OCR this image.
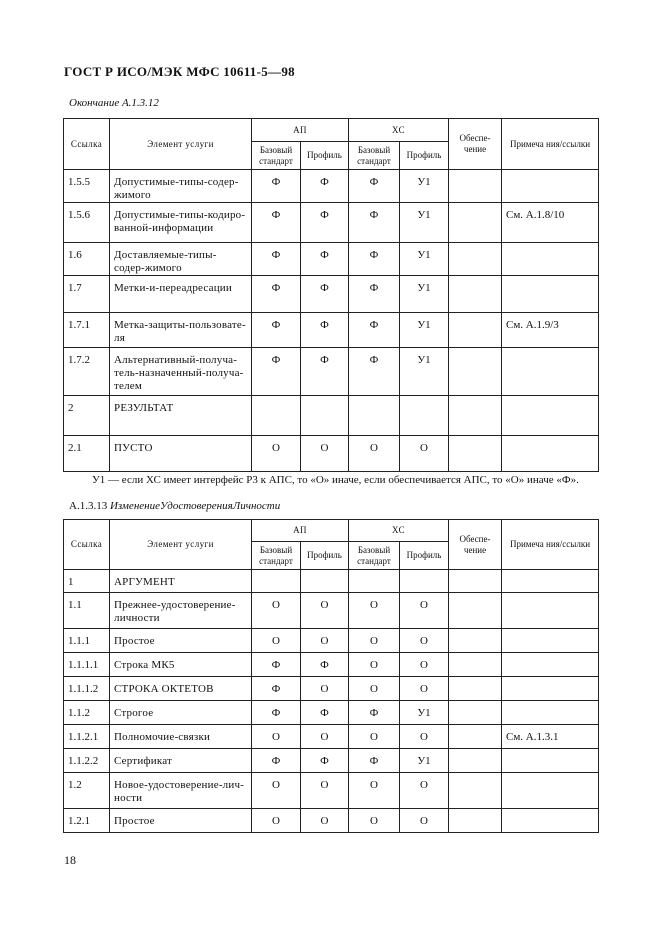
ГОСТ Р ИСО/МЭК МФС 10611-5—98
Окончание А.1.3.12
Ссылка	Элемент услуги	АП		ХС		Обеспе-чение	Примеча ния/ссылки
		Базовый стандарт	Профиль	Базовый стандарт	Профиль		
1.5.5	Допустимые-типы-содер-жимого	Ф	Ф	Ф	У1		
1.5.6	Допустимые-типы-кодиро-ванной-информации	Ф	Ф	Ф	У1		См. А.1.8/10
1.6	Доставляемые-типы-содер-жимого	Ф	Ф	Ф	У1		
1.7	Метки-и-переадресации	Ф	Ф	Ф	У1		
1.7.1	Метка-защиты-пользовате-ля	Ф	Ф	Ф	У1		См. А.1.9/3
1.7.2	Альтернативный-получа-тель-назначенный-получа-телем	Ф	Ф	Ф	У1		
2	РЕЗУЛЬТАТ						
2.1	ПУСТО	О	О	О	О		
У1 — если ХС имеет интерфейс Р3 к АПС, то «О» иначе, если обеспечивается АПС, то «О» иначе «Ф».
А.1.3.13 ИзменениеУдостоверенияЛичности
Ссылка	Элемент услуги	АП		ХС		Обеспе-чение	Примеча ния/ссылки
		Базовый стандарт	Профиль	Базовый стандарт	Профиль		
1	АРГУМЕНТ						
1.1	Прежнее-удостоверение-личности	О	О	О	О		
1.1.1	Простое	О	О	О	О		
1.1.1.1	Строка МК5	Ф	Ф	О	О		
1.1.1.2	СТРОКА ОКТЕТОВ	Ф	О	О	О		
1.1.2	Строгое	Ф	Ф	Ф	У1		
1.1.2.1	Полномочие-связки	О	О	О	О		См. А.1.3.1
1.1.2.2	Сертификат	Ф	Ф	Ф	У1		
1.2	Новое-удостоверение-лич-ности	О	О	О	О		
1.2.1	Простое	О	О	О	О		
18
